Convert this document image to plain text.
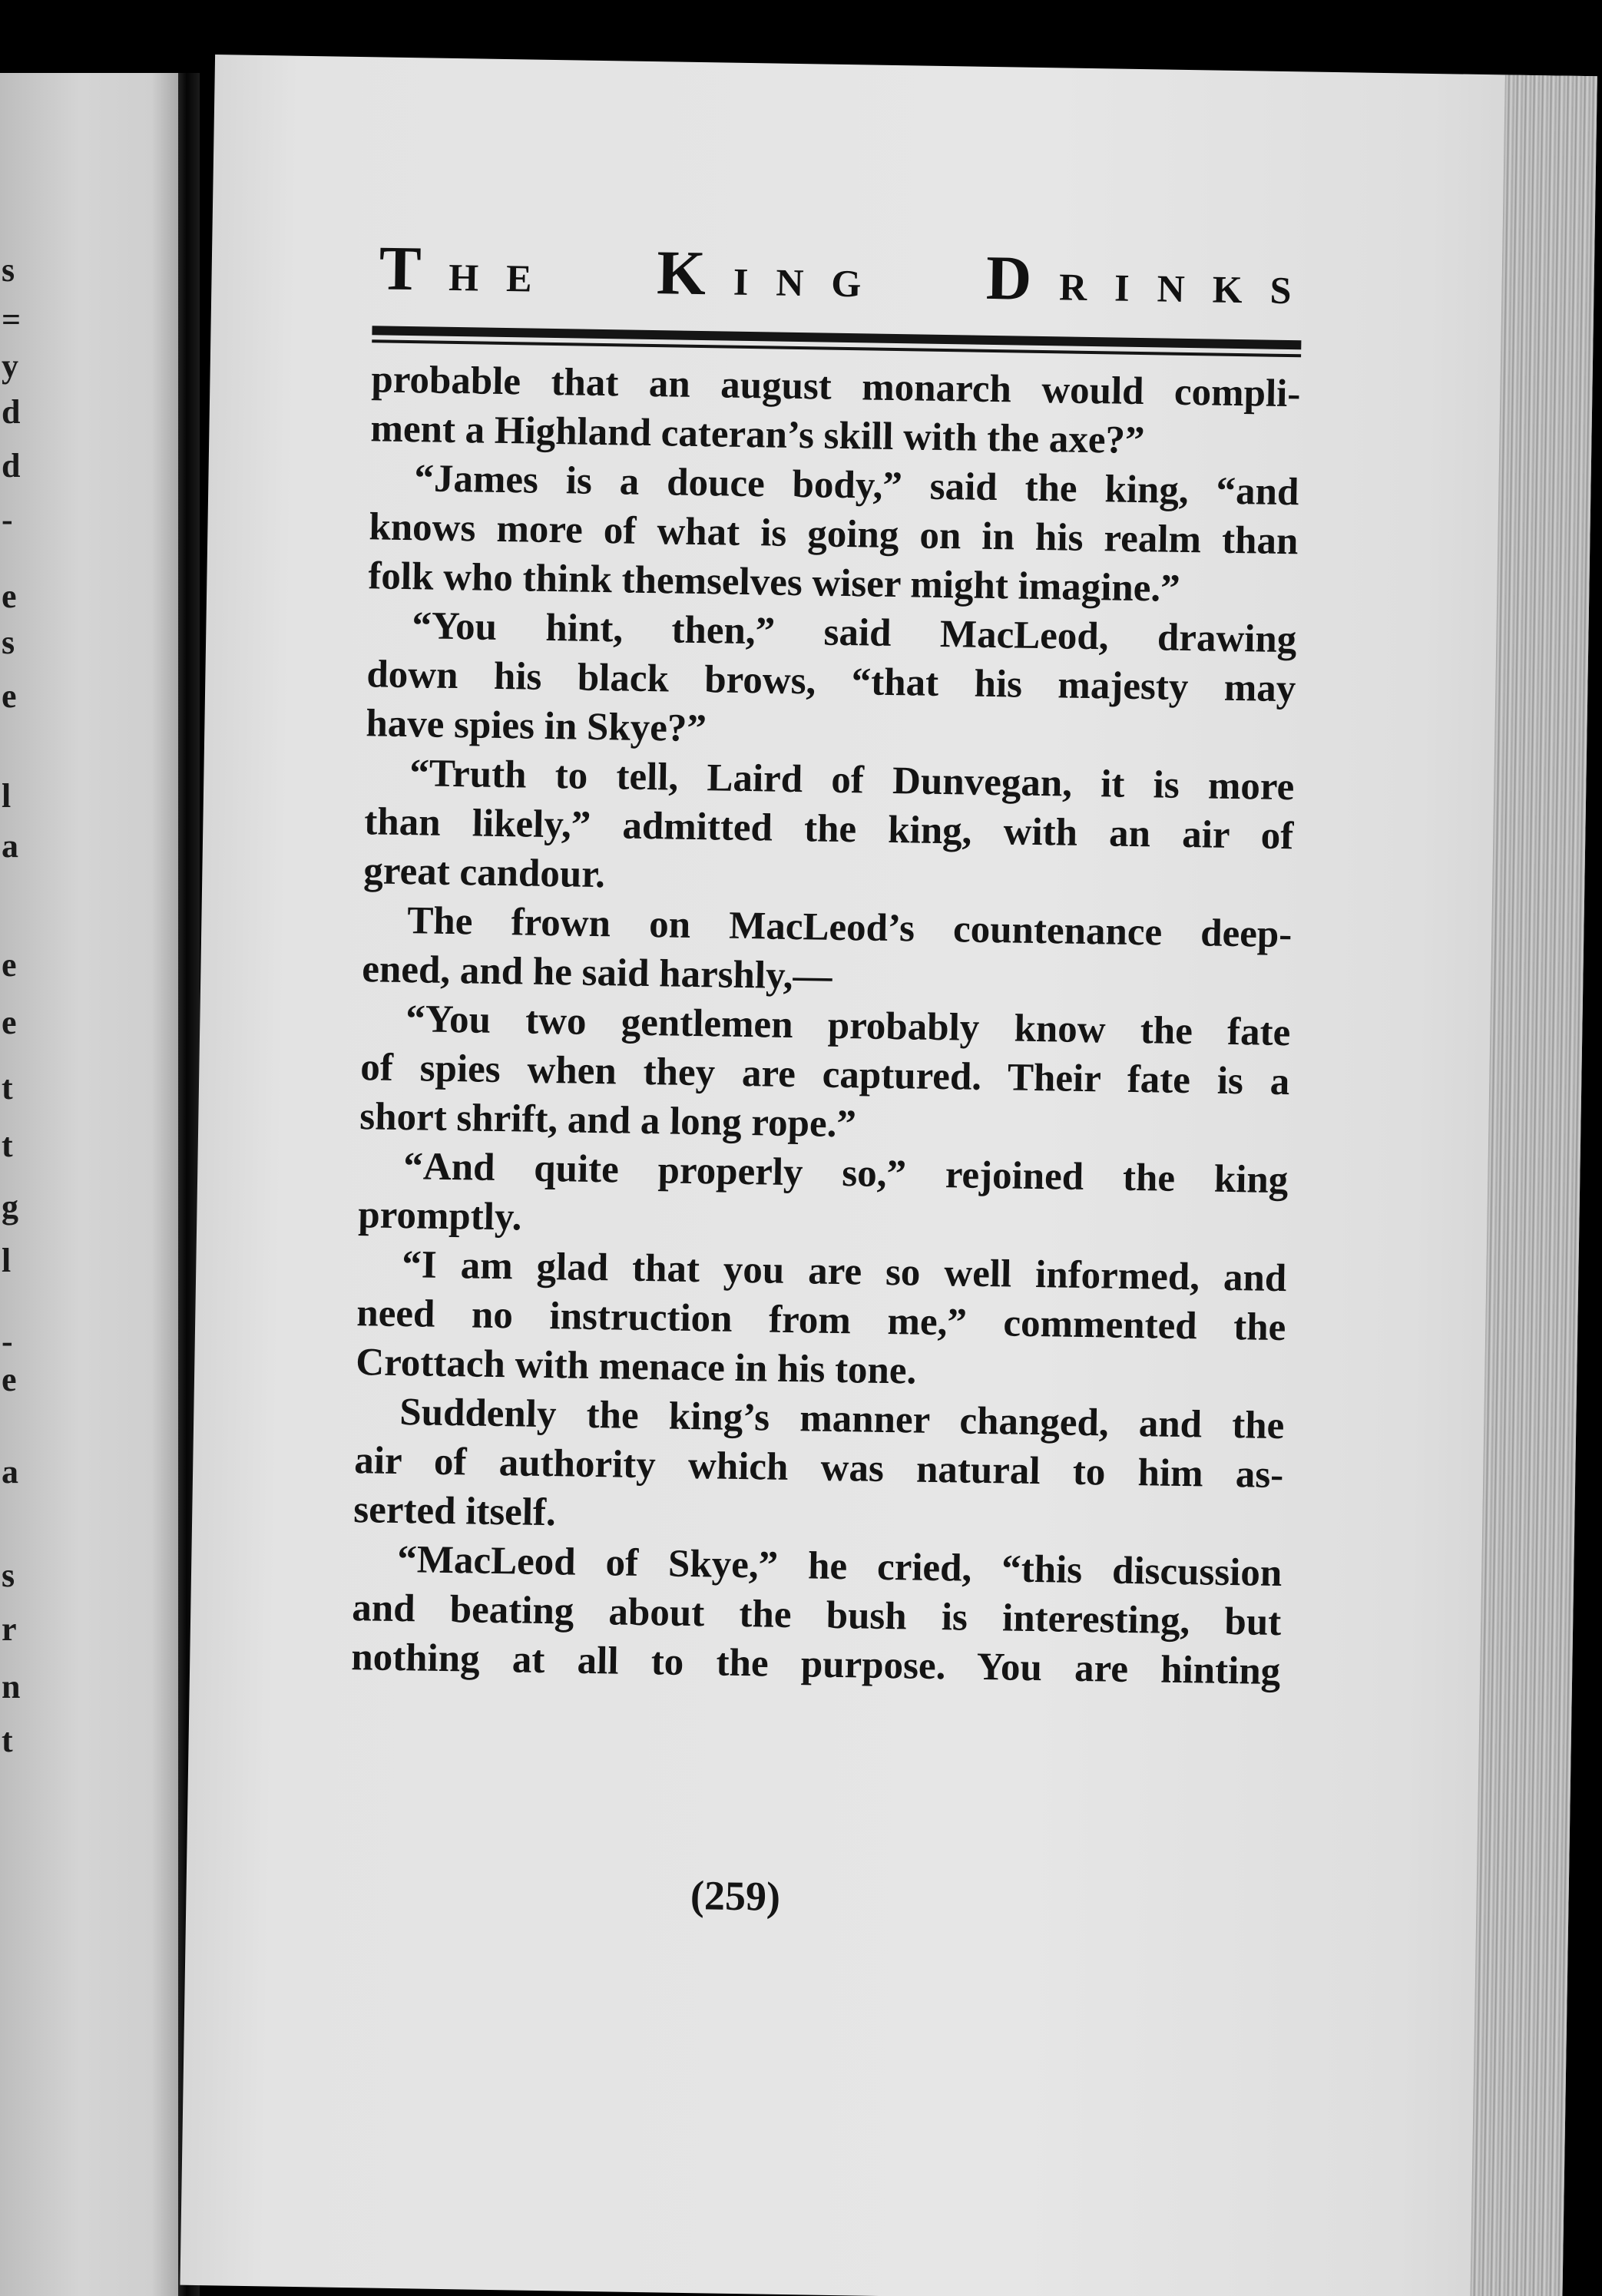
s
=
y
d
d
-
e
s
e
l
a
e
e
t
t
g
l
-
e
a
s
r
n
t
T H E K I N G D R I N K S
probable that an august monarch would compli-
ment a Highland cateran’s skill with the axe?”
“James is a douce body,” said the king, “and
knows more of what is going on in his realm than
folk who think themselves wiser might imagine.”
“You hint, then,” said MacLeod, drawing
down his black brows, “that his majesty may
have spies in Skye?”
“Truth to tell, Laird of Dunvegan, it is more
than likely,” admitted the king, with an air of
great candour.
The frown on MacLeod’s countenance deep-
ened, and he said harshly,—
“You two gentlemen probably know the fate
of spies when they are captured. Their fate is a
short shrift, and a long rope.”
“And quite properly so,” rejoined the king
promptly.
“I am glad that you are so well informed, and
need no instruction from me,” commented the
Crottach with menace in his tone.
Suddenly the king’s manner changed, and the
air of authority which was natural to him as-
serted itself.
“MacLeod of Skye,” he cried, “this discussion
and beating about the bush is interesting, but
nothing at all to the purpose. You are hinting
(259)
